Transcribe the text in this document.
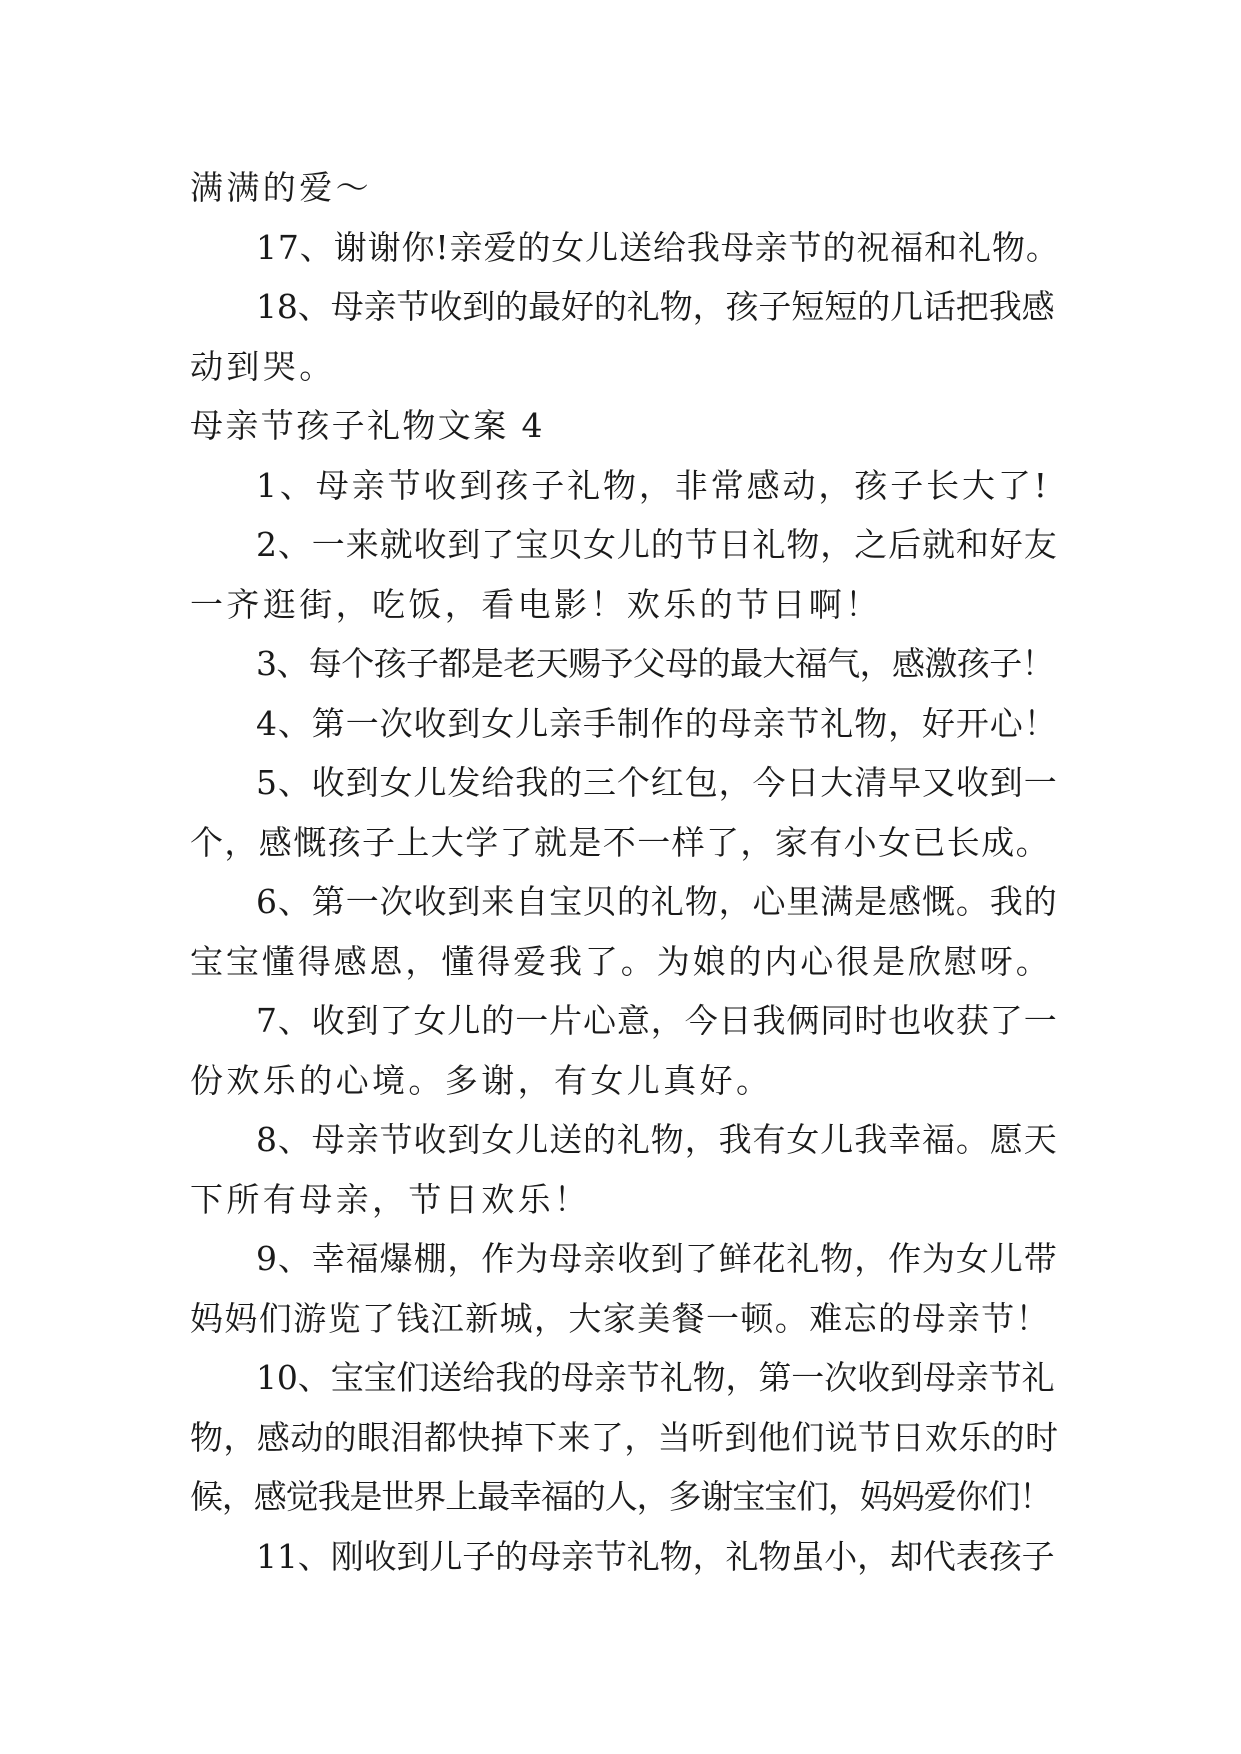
满满的爱～
17、谢谢你!亲爱的女儿送给我母亲节的祝福和礼物。
18、母亲节收到的最好的礼物，孩子短短的几话把我感
动到哭。
母亲节孩子礼物文案 4
1、母亲节收到孩子礼物，非常感动，孩子长大了!
2、一来就收到了宝贝女儿的节日礼物，之后就和好友
一齐逛街，吃饭，看电影！欢乐的节日啊！
3、每个孩子都是老天赐予父母的最大福气，感激孩子！
4、第一次收到女儿亲手制作的母亲节礼物，好开心！
5、收到女儿发给我的三个红包，今日大清早又收到一
个，感慨孩子上大学了就是不一样了，家有小女已长成。
6、第一次收到来自宝贝的礼物，心里满是感慨。我的
宝宝懂得感恩，懂得爱我了。为娘的内心很是欣慰呀。
7、收到了女儿的一片心意，今日我俩同时也收获了一
份欢乐的心境。多谢，有女儿真好。
8、母亲节收到女儿送的礼物，我有女儿我幸福。愿天
下所有母亲，节日欢乐！
9、幸福爆棚，作为母亲收到了鲜花礼物，作为女儿带
妈妈们游览了钱江新城，大家美餐一顿。难忘的母亲节！
10、宝宝们送给我的母亲节礼物，第一次收到母亲节礼
物，感动的眼泪都快掉下来了，当听到他们说节日欢乐的时
候，感觉我是世界上最幸福的人，多谢宝宝们，妈妈爱你们！
11、刚收到儿子的母亲节礼物，礼物虽小，却代表孩子
